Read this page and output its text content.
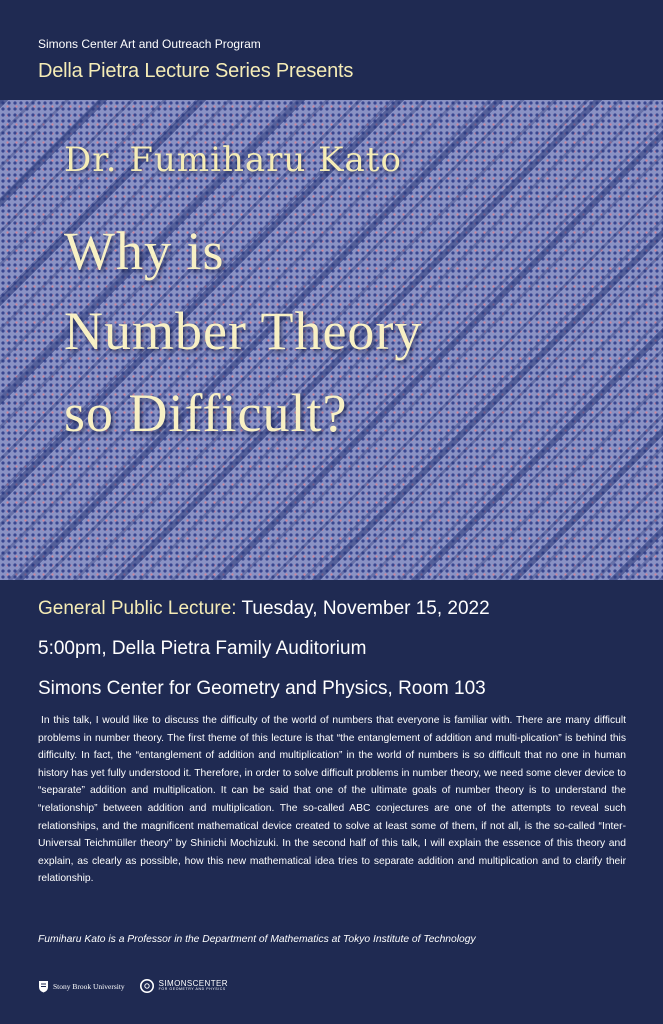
Simons Center Art and Outreach Program
Della Pietra Lecture Series Presents
Dr. Fumiharu Kato
Why is
Number Theory
so Difficult?
General Public Lecture: Tuesday, November 15, 2022
5:00pm, Della Pietra Family Auditorium
Simons Center for Geometry and Physics, Room 103
In this talk, I would like to discuss the difficulty of the world of numbers that everyone is familiar with. There are many difficult problems in number theory. The first theme of this lecture is that “the entanglement of addition and multi-plication” is behind this difficulty. In fact, the “entanglement of addition and multiplication” in the world of numbers is so difficult that no one in human history has yet fully understood it. Therefore, in order to solve difficult problems in number theory, we need some clever device to “separate” addition and multiplication. It can be said that one of the ultimate goals of number theory is to understand the “relationship” between addition and multiplication. The so-called ABC conjectures are one of the attempts to reveal such relationships, and the magnificent mathematical device created to solve at least some of them, if not all, is the so-called “Inter-Universal Teichmüller theory” by Shinichi Mochizuki. In the second half of this talk, I will explain the essence of this theory and explain, as clearly as possible, how this new mathematical idea tries to separate addition and multiplication and to clarify their relationship.
Fumiharu Kato is a Professor in the Department of Mathematics at Tokyo Institute of Technology
Stony Brook University	SIMONSCENTER
FOR GEOMETRY AND PHYSICS
